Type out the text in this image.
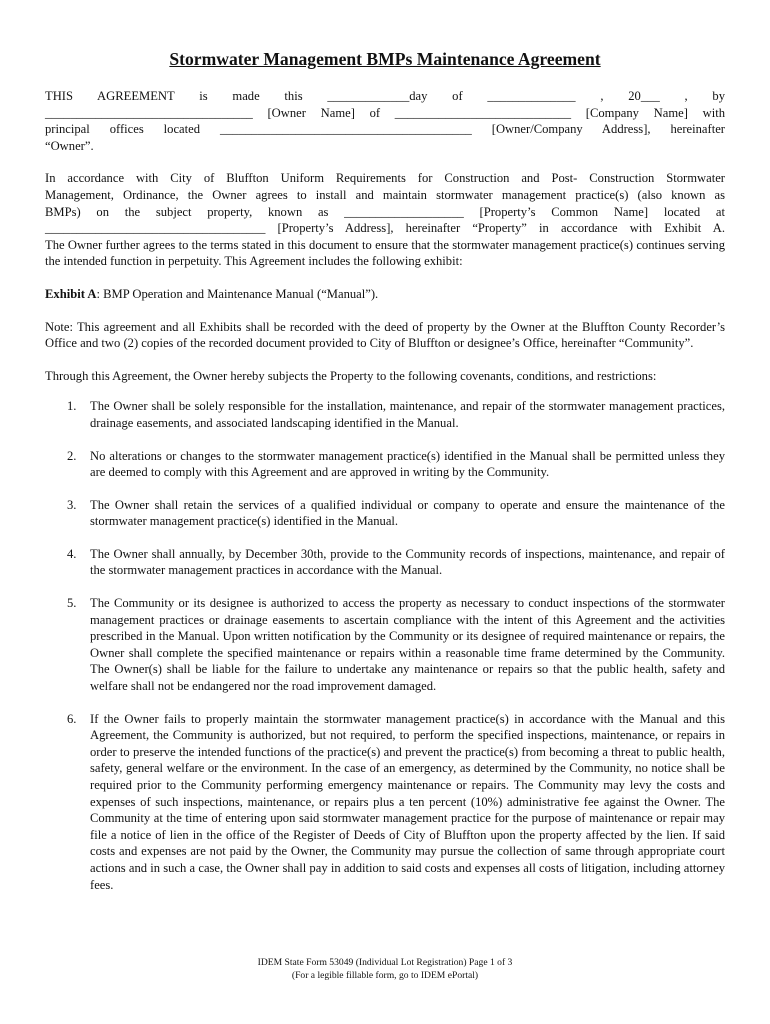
Stormwater Management BMPs Maintenance Agreement

THIS AGREEMENT is made this _____________day of ______________ , 20___ , by

_________________________________ [Owner Name] of ____________________________ [Company Name] with

principal offices located ________________________________________ [Owner/Company Address], hereinafter

“Owner”.

In accordance with City of Bluffton Uniform Requirements for Construction and Post- Construction Stormwater

Management, Ordinance, the Owner agrees to install and maintain stormwater management practice(s) (also known as

BMPs) on the subject property, known as ___________________ [Property’s Common Name] located at

___________________________________ [Property’s Address], hereinafter “Property” in accordance with Exhibit A.

The Owner further agrees to the terms stated in this document to ensure that the stormwater management practice(s) continues serving the intended function in perpetuity. This Agreement includes the following exhibit:

Exhibit A: BMP Operation and Maintenance Manual (“Manual”).

Note: This agreement and all Exhibits shall be recorded with the deed of property by the Owner at the Bluffton County Recorder’s Office and two (2) copies of the recorded document provided to City of Bluffton or designee’s Office, hereinafter “Community”.

Through this Agreement, the Owner hereby subjects the Property to the following covenants, conditions, and restrictions:

1. The Owner shall be solely responsible for the installation, maintenance, and repair of the stormwater management practices, drainage easements, and associated landscaping identified in the Manual.
2. No alterations or changes to the stormwater management practice(s) identified in the Manual shall be permitted unless they are deemed to comply with this Agreement and are approved in writing by the Community.
3. The Owner shall retain the services of a qualified individual or company to operate and ensure the maintenance of the stormwater management practice(s) identified in the Manual.
4. The Owner shall annually, by December 30th, provide to the Community records of inspections, maintenance, and repair of the stormwater management practices in accordance with the Manual.
5. The Community or its designee is authorized to access the property as necessary to conduct inspections of the stormwater management practices or drainage easements to ascertain compliance with the intent of this Agreement and the activities prescribed in the Manual. Upon written notification by the Community or its designee of required maintenance or repairs, the Owner shall complete the specified maintenance or repairs within a reasonable time frame determined by the Community. The Owner(s) shall be liable for the failure to undertake any maintenance or repairs so that the public health, safety and welfare shall not be endangered nor the road improvement damaged.
6. If the Owner fails to properly maintain the stormwater management practice(s) in accordance with the Manual and this Agreement, the Community is authorized, but not required, to perform the specified inspections, maintenance, or repairs in order to preserve the intended functions of the practice(s) and prevent the practice(s) from becoming a threat to public health, safety, general welfare or the environment. In the case of an emergency, as determined by the Community, no notice shall be required prior to the Community performing emergency maintenance or repairs. The Community may levy the costs and expenses of such inspections, maintenance, or repairs plus a ten percent (10%) administrative fee against the Owner. The Community at the time of entering upon said stormwater management practice for the purpose of maintenance or repair may file a notice of lien in the office of the Register of Deeds of City of Bluffton upon the property affected by the lien. If said costs and expenses are not paid by the Owner, the Community may pursue the collection of same through appropriate court actions and in such a case, the Owner shall pay in addition to said costs and expenses all costs of litigation, including attorney fees.
IDEM State Form 53049 (Individual Lot Registration) Page 1 of 3
(For a legible fillable form, go to IDEM ePortal)
